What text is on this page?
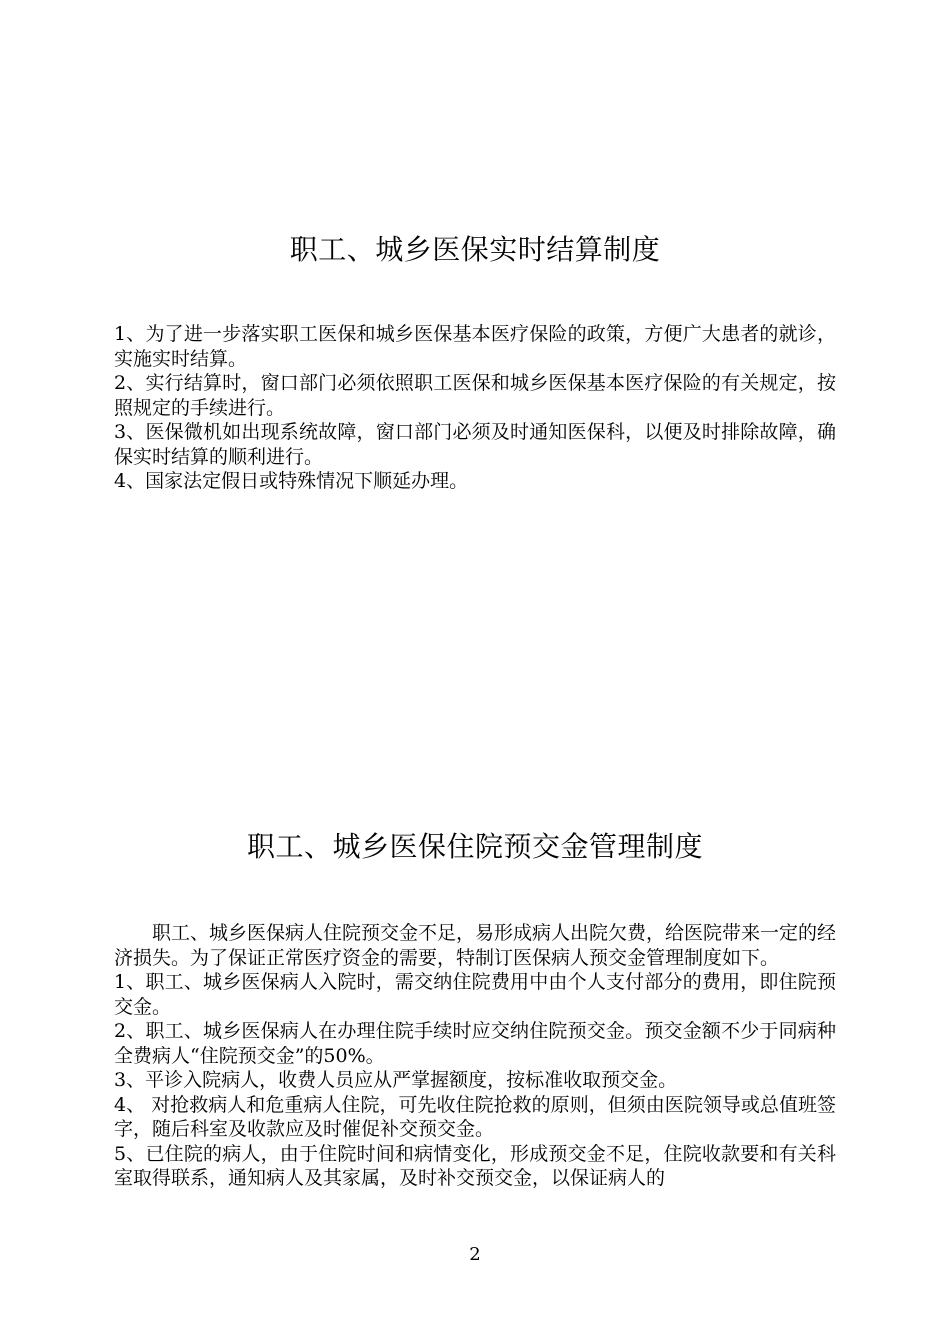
职工、城乡医保实时结算制度

1、为了进一步落实职工医保和城乡医保基本医疗保险的政策，方便广大患者的就诊，实施实时结算。

2、实行结算时，窗口部门必须依照职工医保和城乡医保基本医疗保险的有关规定，按照规定的手续进行。

3、医保微机如出现系统故障，窗口部门必须及时通知医保科，以便及时排除故障，确保实时结算的顺利进行。

4、国家法定假日或特殊情况下顺延办理。

职工、城乡医保住院预交金管理制度

职工、城乡医保病人住院预交金不足，易形成病人出院欠费，给医院带来一定的经济损失。为了保证正常医疗资金的需要，特制订医保病人预交金管理制度如下。

1、职工、城乡医保病人入院时，需交纳住院费用中由个人支付部分的费用，即住院预交金。

2、职工、城乡医保病人在办理住院手续时应交纳住院预交金。预交金额不少于同病种全费病人“住院预交金”的50%。

3、平诊入院病人，收费人员应从严掌握额度，按标准收取预交金。

4、 对抢救病人和危重病人住院，可先收住院抢救的原则，但须由医院领导或总值班签字，随后科室及收款应及时催促补交预交金。

5、已住院的病人，由于住院时间和病情变化，形成预交金不足，住院收款要和有关科室取得联系，通知病人及其家属，及时补交预交金，以保证病人的

2
